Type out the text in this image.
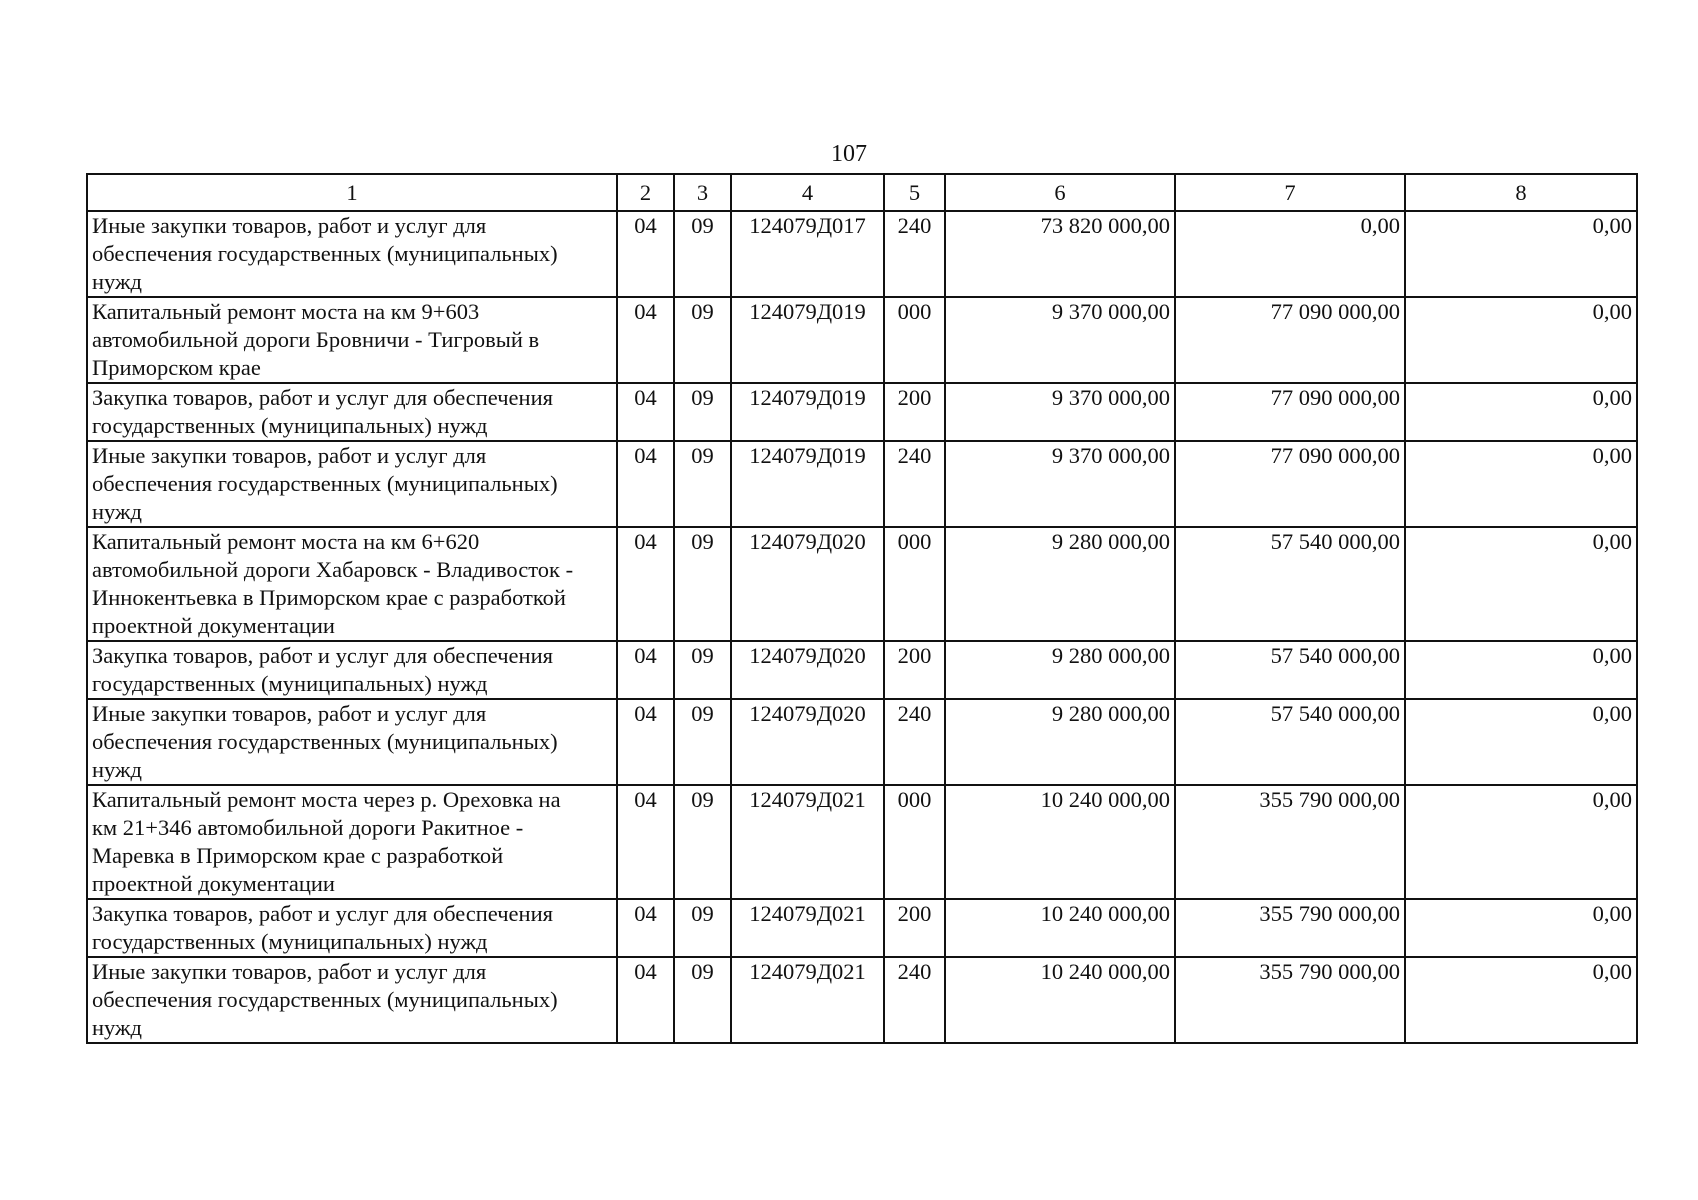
107
1	2	3	4	5	6	7	8

Иные закупки товаров, работ и услуг для
обеспечения государственных (муниципальных)
нужд	04	09	124079Д017	240	73 820 000,00	0,00	0,00

Капитальный ремонт моста на км 9+603
автомобильной дороги Бровничи - Тигровый в
Приморском крае	04	09	124079Д019	000	9 370 000,00	77 090 000,00	0,00

Закупка товаров, работ и услуг для обеспечения
государственных (муниципальных) нужд	04	09	124079Д019	200	9 370 000,00	77 090 000,00	0,00

Иные закупки товаров, работ и услуг для
обеспечения государственных (муниципальных)
нужд	04	09	124079Д019	240	9 370 000,00	77 090 000,00	0,00

Капитальный ремонт моста на км 6+620
автомобильной дороги Хабаровск - Владивосток -
Иннокентьевка в Приморском крае с разработкой
проектной документации	04	09	124079Д020	000	9 280 000,00	57 540 000,00	0,00

Закупка товаров, работ и услуг для обеспечения
государственных (муниципальных) нужд	04	09	124079Д020	200	9 280 000,00	57 540 000,00	0,00

Иные закупки товаров, работ и услуг для
обеспечения государственных (муниципальных)
нужд	04	09	124079Д020	240	9 280 000,00	57 540 000,00	0,00

Капитальный ремонт моста через р. Ореховка на
км 21+346 автомобильной дороги Ракитное -
Маревка в Приморском крае с разработкой
проектной документации	04	09	124079Д021	000	10 240 000,00	355 790 000,00	0,00

Закупка товаров, работ и услуг для обеспечения
государственных (муниципальных) нужд	04	09	124079Д021	200	10 240 000,00	355 790 000,00	0,00

Иные закупки товаров, работ и услуг для
обеспечения государственных (муниципальных)
нужд	04	09	124079Д021	240	10 240 000,00	355 790 000,00	0,00
